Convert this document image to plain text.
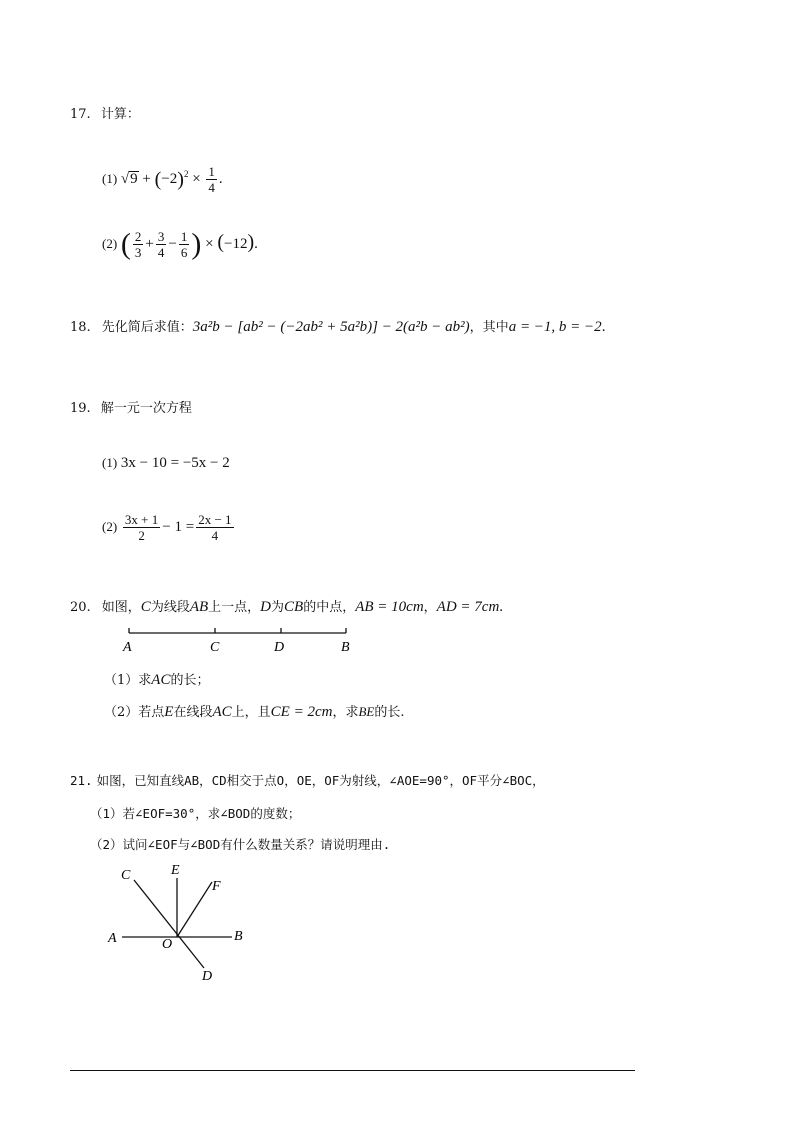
17. 计算：
(1) $√9 + (-2)^2 \times \frac{1}{4}$ .
(2) ( $\frac{2}{3} + \frac{3}{4} - \frac{1}{6}$ ) × (−12).
18. 先化简后求值：3a²b − [ab² − (−2ab² + 5a²b)] − 2(a²b − ab²)，其中a = −1, b = −2.
19. 解一元一次方程
(1) 3x − 10 = −5x − 2
$(2) \frac{3x + 1}{2} - 1 = \frac{2x - 1}{4}$
20. 如图，C为线段AB上一点，D为CB的中点，AB = 10cm，AD = 7cm.
A	C	D	B
（1）求AC的长；
（2）若点E在线段AC上，且CE = 2cm，求BE的长.
21. 如图，已知直线AB，CD相交于点O，OE，OF为射线，∠AOE=90°，OF平分∠BOC，
（1）若∠EOF=30°，求∠BOD的度数；
（2）试问∠EOF与∠BOD有什么数量关系？请说明理由.
C	E
F
A	O
B
D
